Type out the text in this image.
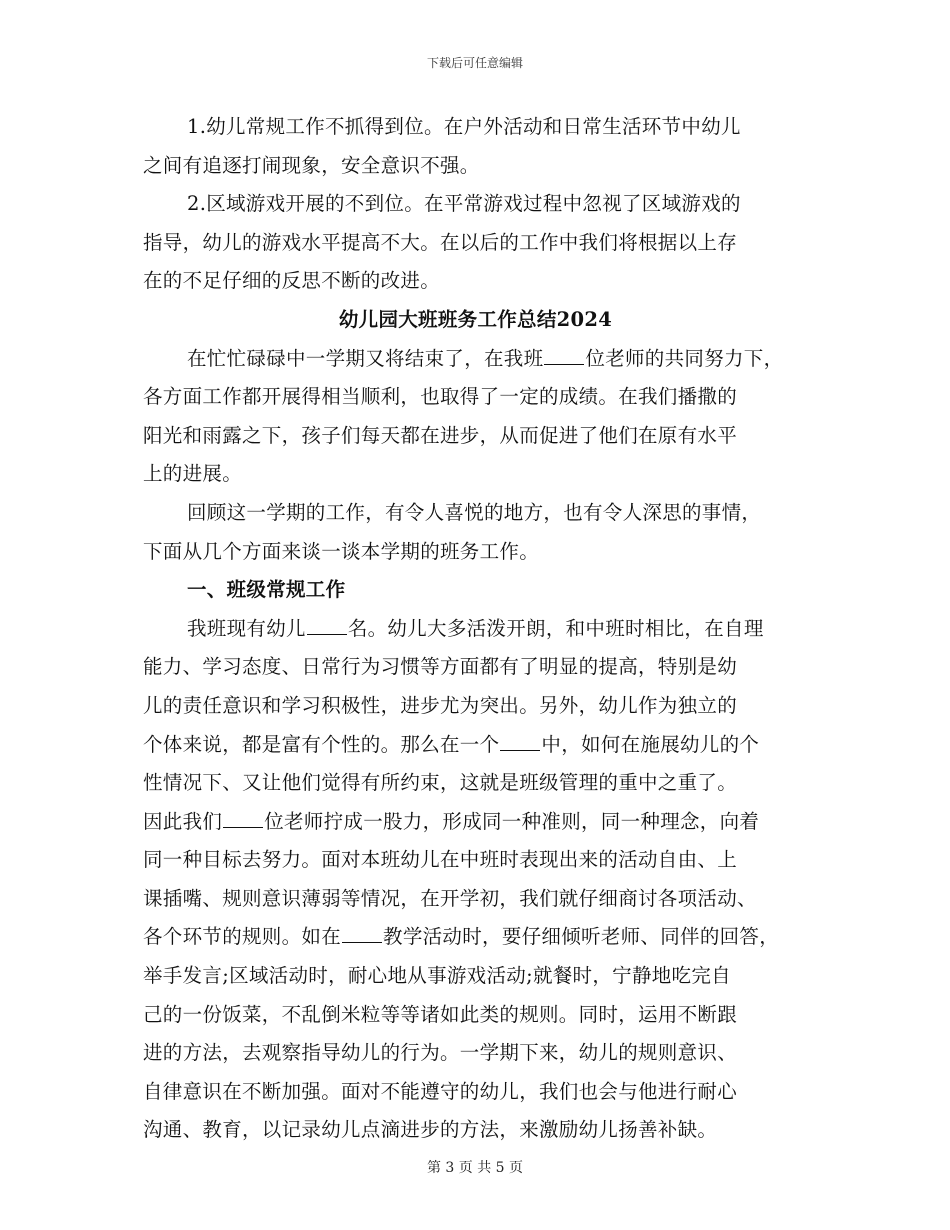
下载后可任意编辑
1.幼儿常规工作不抓得到位。在户外活动和日常生活环节中幼儿
之间有追逐打闹现象，安全意识不强。
2.区域游戏开展的不到位。在平常游戏过程中忽视了区域游戏的
指导，幼儿的游戏水平提高不大。在以后的工作中我们将根据以上存
在的不足仔细的反思不断的改进。
幼儿园大班班务工作总结2024
在忙忙碌碌中一学期又将结束了，在我班 位老师的共同努力下，
各方面工作都开展得相当顺利，也取得了一定的成绩。在我们播撒的
阳光和雨露之下，孩子们每天都在进步，从而促进了他们在原有水平
上的进展。
回顾这一学期的工作，有令人喜悦的地方，也有令人深思的事情，
下面从几个方面来谈一谈本学期的班务工作。
一、班级常规工作
我班现有幼儿 名。幼儿大多活泼开朗，和中班时相比，在自理
能力、学习态度、日常行为习惯等方面都有了明显的提高，特别是幼
儿的责任意识和学习积极性，进步尤为突出。另外，幼儿作为独立的
个体来说，都是富有个性的。那么在一个 中，如何在施展幼儿的个
性情况下、又让他们觉得有所约束，这就是班级管理的重中之重了。
因此我们 位老师拧成一股力，形成同一种准则，同一种理念，向着
同一种目标去努力。面对本班幼儿在中班时表现出来的活动自由、上
课插嘴、规则意识薄弱等情况，在开学初，我们就仔细商讨各项活动、
各个环节的规则。如在 教学活动时，要仔细倾听老师、同伴的回答，
举手发言;区域活动时，耐心地从事游戏活动;就餐时，宁静地吃完自
己的一份饭菜，不乱倒米粒等等诸如此类的规则。同时，运用不断跟
进的方法，去观察指导幼儿的行为。一学期下来，幼儿的规则意识、
自律意识在不断加强。面对不能遵守的幼儿，我们也会与他进行耐心
沟通、教育，以记录幼儿点滴进步的方法，来激励幼儿扬善补缺。
第 3 页 共 5 页
